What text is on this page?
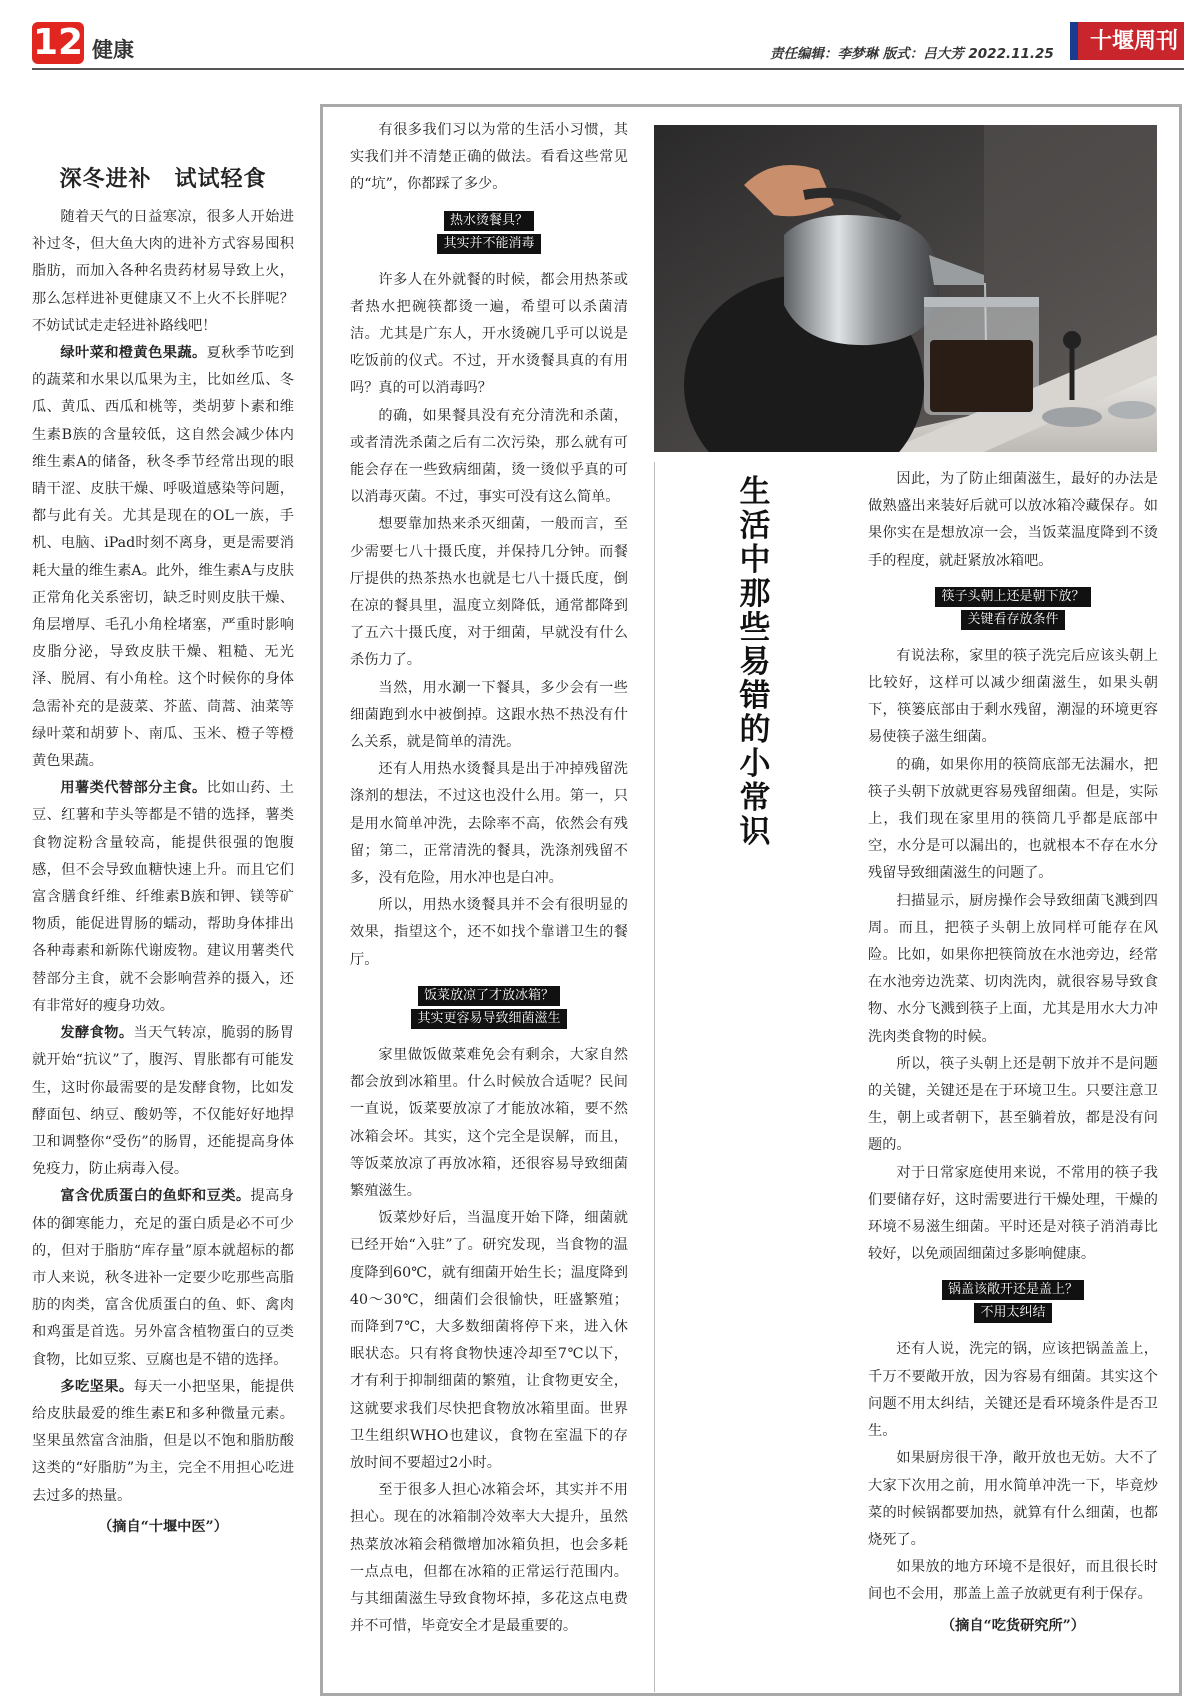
12 健康	责任编辑：李梦琳 版式：吕大芳 2022.11.25	十堰周刊
深冬进补　试试轻食

随着天气的日益寒凉，很多人开始进补过冬，但大鱼大肉的进补方式容易囤积脂肪，而加入各种名贵药材易导致上火，那么怎样进补更健康又不上火不长胖呢？不妨试试走走轻进补路线吧！

绿叶菜和橙黄色果蔬。夏秋季节吃到的蔬菜和水果以瓜果为主，比如丝瓜、冬瓜、黄瓜、西瓜和桃等，类胡萝卜素和维生素B族的含量较低，这自然会减少体内维生素A的储备，秋冬季节经常出现的眼睛干涩、皮肤干燥、呼吸道感染等问题，都与此有关。尤其是现在的OL一族，手机、电脑、iPad时刻不离身，更是需要消耗大量的维生素A。此外，维生素A与皮肤正常角化关系密切，缺乏时则皮肤干燥、角层增厚、毛孔小角栓堵塞，严重时影响皮脂分泌，导致皮肤干燥、粗糙、无光泽、脱屑、有小角栓。这个时候你的身体急需补充的是菠菜、芥蓝、茼蒿、油菜等绿叶菜和胡萝卜、南瓜、玉米、橙子等橙黄色果蔬。

用薯类代替部分主食。比如山药、土豆、红薯和芋头等都是不错的选择，薯类食物淀粉含量较高，能提供很强的饱腹感，但不会导致血糖快速上升。而且它们富含膳食纤维、纤维素B族和钾、镁等矿物质，能促进胃肠的蠕动，帮助身体排出各种毒素和新陈代谢废物。建议用薯类代替部分主食，就不会影响营养的摄入，还有非常好的瘦身功效。

发酵食物。当天气转凉，脆弱的肠胃就开始“抗议”了，腹泻、胃胀都有可能发生，这时你最需要的是发酵食物，比如发酵面包、纳豆、酸奶等，不仅能好好地捍卫和调整你“受伤”的肠胃，还能提高身体免疫力，防止病毒入侵。

富含优质蛋白的鱼虾和豆类。提高身体的御寒能力，充足的蛋白质是必不可少的，但对于脂肪“库存量”原本就超标的都市人来说，秋冬进补一定要少吃那些高脂肪的肉类，富含优质蛋白的鱼、虾、禽肉和鸡蛋是首选。另外富含植物蛋白的豆类食物，比如豆浆、豆腐也是不错的选择。

多吃坚果。每天一小把坚果，能提供给皮肤最爱的维生素E和多种微量元素。坚果虽然富含油脂，但是以不饱和脂肪酸这类的“好脂肪”为主，完全不用担心吃进去过多的热量。

（摘自“十堰中医”）

有很多我们习以为常的生活小习惯，其实我们并不清楚正确的做法。看看这些常见的“坑”，你都踩了多少。

热水烫餐具？
其实并不能消毒

许多人在外就餐的时候，都会用热茶或者热水把碗筷都烫一遍，希望可以杀菌清洁。尤其是广东人，开水烫碗几乎可以说是吃饭前的仪式。不过，开水烫餐具真的有用吗？真的可以消毒吗？

的确，如果餐具没有充分清洗和杀菌，或者清洗杀菌之后有二次污染，那么就有可能会存在一些致病细菌，烫一烫似乎真的可以消毒灭菌。不过，事实可没有这么简单。

想要靠加热来杀灭细菌，一般而言，至少需要七八十摄氏度，并保持几分钟。而餐厅提供的热茶热水也就是七八十摄氏度，倒在凉的餐具里，温度立刻降低，通常都降到了五六十摄氏度，对于细菌，早就没有什么杀伤力了。

当然，用水涮一下餐具，多少会有一些细菌跑到水中被倒掉。这跟水热不热没有什么关系，就是简单的清洗。

还有人用热水烫餐具是出于冲掉残留洗涤剂的想法，不过这也没什么用。第一，只是用水简单冲洗，去除率不高，依然会有残留；第二，正常清洗的餐具，洗涤剂残留不多，没有危险，用水冲也是白冲。

所以，用热水烫餐具并不会有很明显的效果，指望这个，还不如找个靠谱卫生的餐厅。

饭菜放凉了才放冰箱？
其实更容易导致细菌滋生

家里做饭做菜难免会有剩余，大家自然都会放到冰箱里。什么时候放合适呢？民间一直说，饭菜要放凉了才能放冰箱，要不然冰箱会坏。其实，这个完全是误解，而且，等饭菜放凉了再放冰箱，还很容易导致细菌繁殖滋生。

饭菜炒好后，当温度开始下降，细菌就已经开始“入驻”了。研究发现，当食物的温度降到60℃，就有细菌开始生长；温度降到40～30℃，细菌们会很愉快，旺盛繁殖；而降到7℃，大多数细菌将停下来，进入休眠状态。只有将食物快速冷却至7℃以下，才有利于抑制细菌的繁殖，让食物更安全，这就要求我们尽快把食物放冰箱里面。世界卫生组织WHO也建议，食物在室温下的存放时间不要超过2小时。

至于很多人担心冰箱会坏，其实并不用担心。现在的冰箱制冷效率大大提升，虽然热菜放冰箱会稍微增加冰箱负担，也会多耗一点点电，但都在冰箱的正常运行范围内。与其细菌滋生导致食物坏掉，多花这点电费并不可惜，毕竟安全才是最重要的。

生活中那些易错的小常识

因此，为了防止细菌滋生，最好的办法是做熟盛出来装好后就可以放冰箱冷藏保存。如果你实在是想放凉一会，当饭菜温度降到不烫手的程度，就赶紧放冰箱吧。

筷子头朝上还是朝下放？
关键看存放条件

有说法称，家里的筷子洗完后应该头朝上比较好，这样可以减少细菌滋生，如果头朝下，筷篓底部由于剩水残留，潮湿的环境更容易使筷子滋生细菌。

的确，如果你用的筷筒底部无法漏水，把筷子头朝下放就更容易残留细菌。但是，实际上，我们现在家里用的筷筒几乎都是底部中空，水分是可以漏出的，也就根本不存在水分残留导致细菌滋生的问题了。

扫描显示，厨房操作会导致细菌飞溅到四周。而且，把筷子头朝上放同样可能存在风险。比如，如果你把筷筒放在水池旁边，经常在水池旁边洗菜、切肉洗肉，就很容易导致食物、水分飞溅到筷子上面，尤其是用水大力冲洗肉类食物的时候。

所以，筷子头朝上还是朝下放并不是问题的关键，关键还是在于环境卫生。只要注意卫生，朝上或者朝下，甚至躺着放，都是没有问题的。

对于日常家庭使用来说，不常用的筷子我们要储存好，这时需要进行干燥处理，干燥的环境不易滋生细菌。平时还是对筷子消消毒比较好，以免顽固细菌过多影响健康。

锅盖该敞开还是盖上？
不用太纠结

还有人说，洗完的锅，应该把锅盖盖上，千万不要敞开放，因为容易有细菌。其实这个问题不用太纠结，关键还是看环境条件是否卫生。

如果厨房很干净，敞开放也无妨。大不了大家下次用之前，用水简单冲洗一下，毕竟炒菜的时候锅都要加热，就算有什么细菌，也都烧死了。

如果放的地方环境不是很好，而且很长时间也不会用，那盖上盖子放就更有利于保存。

（摘自“吃货研究所”）
